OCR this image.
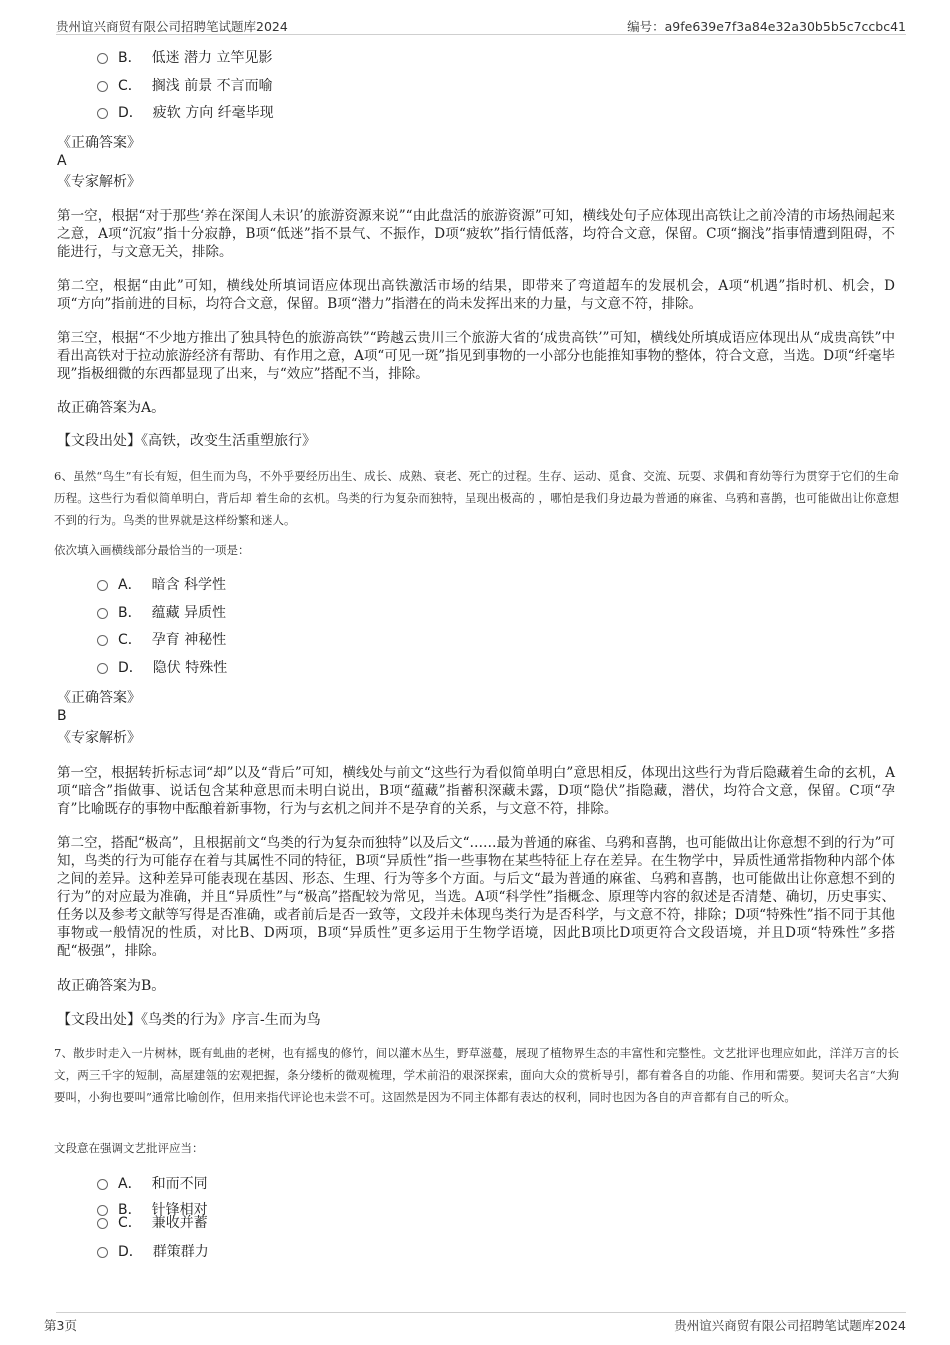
贵州谊兴商贸有限公司招聘笔试题库2024	编号：a9fe639e7f3a84e32a30b5b5c7ccbc41
B． 低迷 潜力 立竿见影
C． 搁浅 前景 不言而喻
D． 疲软 方向 纤毫毕现
《正确答案》
A
《专家解析》
第一空，根据“对于那些‘养在深闺人未识’的旅游资源来说”“由此盘活的旅游资源”可知，横线处句子应体现出高铁让之前冷清的市场热闹起来之意，A项“沉寂”指十分寂静，B项“低迷”指不景气、不振作，D项“疲软”指行情低落，均符合文意，保留。C项“搁浅”指事情遭到阻碍，不能进行，与文意无关，排除。
第二空，根据“由此”可知，横线处所填词语应体现出高铁激活市场的结果，即带来了弯道超车的发展机会，A项“机遇”指时机、机会，D项“方向”指前进的目标，均符合文意，保留。B项“潜力”指潜在的尚未发挥出来的力量，与文意不符，排除。
第三空，根据“不少地方推出了独具特色的旅游高铁”“跨越云贵川三个旅游大省的‘成贵高铁’”可知，横线处所填成语应体现出从“成贵高铁”中看出高铁对于拉动旅游经济有帮助、有作用之意，A项“可见一斑”指见到事物的一小部分也能推知事物的整体，符合文意，当选。D项“纤毫毕现”指极细微的东西都显现了出来，与“效应”搭配不当，排除。
故正确答案为A。
【文段出处】《高铁，改变生活重塑旅行》
6、虽然“鸟生”有长有短，但生而为鸟，不外乎要经历出生、成长、成熟、衰老、死亡的过程。生存、运动、觅食、交流、玩耍、求偶和育幼等行为贯穿于它们的生命历程。这些行为看似简单明白，背后却 着生命的玄机。鸟类的行为复杂而独特，呈现出极高的 ，哪怕是我们身边最为普通的麻雀、乌鸦和喜鹊，也可能做出让你意想不到的行为。鸟类的世界就是这样纷繁和迷人。
依次填入画横线部分最恰当的一项是：
A． 暗含 科学性
B． 蕴藏 异质性
C． 孕育 神秘性
D． 隐伏 特殊性
《正确答案》
B
《专家解析》
第一空，根据转折标志词“却”以及“背后”可知，横线处与前文“这些行为看似简单明白”意思相反，体现出这些行为背后隐藏着生命的玄机，A项“暗含”指做事、说话包含某种意思而未明白说出，B项“蕴藏”指蓄积深藏未露，D项“隐伏”指隐藏，潜伏，均符合文意，保留。C项“孕育”比喻既存的事物中酝酿着新事物，行为与玄机之间并不是孕育的关系，与文意不符，排除。
第二空，搭配“极高”，且根据前文“鸟类的行为复杂而独特”以及后文“……最为普通的麻雀、乌鸦和喜鹊，也可能做出让你意想不到的行为”可知，鸟类的行为可能存在着与其属性不同的特征，B项“异质性”指一些事物在某些特征上存在差异。在生物学中，异质性通常指物种内部个体之间的差异。这种差异可能表现在基因、形态、生理、行为等多个方面。与后文“最为普通的麻雀、乌鸦和喜鹊，也可能做出让你意想不到的行为”的对应最为准确，并且“异质性”与“极高”搭配较为常见，当选。A项“科学性”指概念、原理等内容的叙述是否清楚、确切，历史事实、任务以及参考文献等写得是否准确，或者前后是否一致等，文段并未体现鸟类行为是否科学，与文意不符，排除；D项“特殊性”指不同于其他事物或一般情况的性质，对比B、D两项，B项“异质性”更多运用于生物学语境，因此B项比D项更符合文段语境，并且D项“特殊性”多搭配“极强”，排除。
故正确答案为B。
【文段出处】《鸟类的行为》序言-生而为鸟
7、散步时走入一片树林，既有虬曲的老树，也有摇曳的修竹，间以灌木丛生，野草滋蔓，展现了植物界生态的丰富性和完整性。文艺批评也理应如此，洋洋万言的长文，两三千字的短制，高屋建瓴的宏观把握，条分缕析的微观梳理，学术前沿的艰深探索，面向大众的赏析导引，都有着各自的功能、作用和需要。契诃夫名言“大狗要叫，小狗也要叫”通常比喻创作，但用来指代评论也未尝不可。这固然是因为不同主体都有表达的权利，同时也因为各自的声音都有自己的听众。
文段意在强调文艺批评应当：
A． 和而不同
B． 针锋相对
C． 兼收并蓄
D． 群策群力
第3页	贵州谊兴商贸有限公司招聘笔试题库2024
